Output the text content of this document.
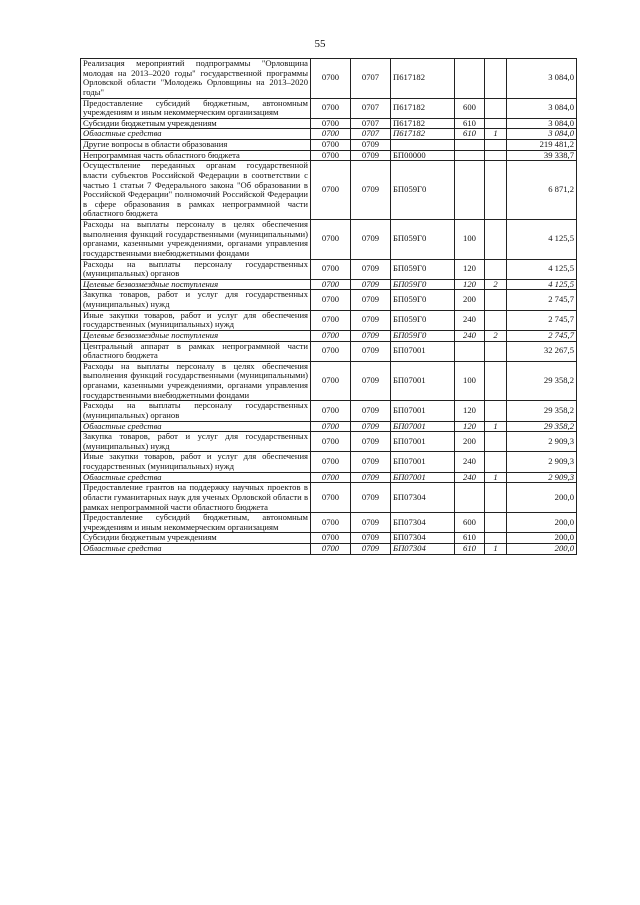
55
Реализация мероприятий подпрограммы "Орловщина молодая на 2013–2020 годы" государственной программы Орловской области "Молодежь Орловщины на 2013–2020 годы"	0700	0707	П617182			3 084,0
Предоставление субсидий бюджетным, автономным учреждениям и иным некоммерческим организациям	0700	0707	П617182	600		3 084,0
Субсидии бюджетным учреждениям	0700	0707	П617182	610		3 084,0
Областные средства	0700	0707	П617182	610	1	3 084,0
Другие вопросы в области образования	0700	0709				219 481,2
Непрограммная часть областного бюджета	0700	0709	БП00000			39 338,7
Осуществление переданных органам государственной власти субъектов Российской Федерации в соответствии с частью 1 статьи 7 Федерального закона "Об образовании в Российской Федерации" полномочий Российской Федерации в сфере образования в рамках непрограммной части областного бюджета	0700	0709	БП059Г0			6 871,2
Расходы на выплаты персоналу в целях обеспечения выполнения функций государственными (муниципальными) органами, казенными учреждениями, органами управления государственными внебюджетными фондами	0700	0709	БП059Г0	100		4 125,5
Расходы на выплаты персоналу государственных (муниципальных) органов	0700	0709	БП059Г0	120		4 125,5
Целевые безвозмездные поступления	0700	0709	БП059Г0	120	2	4 125,5
Закупка товаров, работ и услуг для государственных (муниципальных) нужд	0700	0709	БП059Г0	200		2 745,7
Иные закупки товаров, работ и услуг для обеспечения государственных (муниципальных) нужд	0700	0709	БП059Г0	240		2 745,7
Целевые безвозмездные поступления	0700	0709	БП059Г0	240	2	2 745,7
Центральный аппарат в рамках непрограммной части областного бюджета	0700	0709	БП07001			32 267,5
Расходы на выплаты персоналу в целях обеспечения выполнения функций государственными (муниципальными) органами, казенными учреждениями, органами управления государственными внебюджетными фондами	0700	0709	БП07001	100		29 358,2
Расходы на выплаты персоналу государственных (муниципальных) органов	0700	0709	БП07001	120		29 358,2
Областные средства	0700	0709	БП07001	120	1	29 358,2
Закупка товаров, работ и услуг для государственных (муниципальных) нужд	0700	0709	БП07001	200		2 909,3
Иные закупки товаров, работ и услуг для обеспечения государственных (муниципальных) нужд	0700	0709	БП07001	240		2 909,3
Областные средства	0700	0709	БП07001	240	1	2 909,3
Предоставление грантов на поддержку научных проектов в области гуманитарных наук для ученых Орловской области в рамках непрограммной части областного бюджета	0700	0709	БП07304			200,0
Предоставление субсидий бюджетным, автономным учреждениям и иным некоммерческим организациям	0700	0709	БП07304	600		200,0
Субсидии бюджетным учреждениям	0700	0709	БП07304	610		200,0
Областные средства	0700	0709	БП07304	610	1	200,0
